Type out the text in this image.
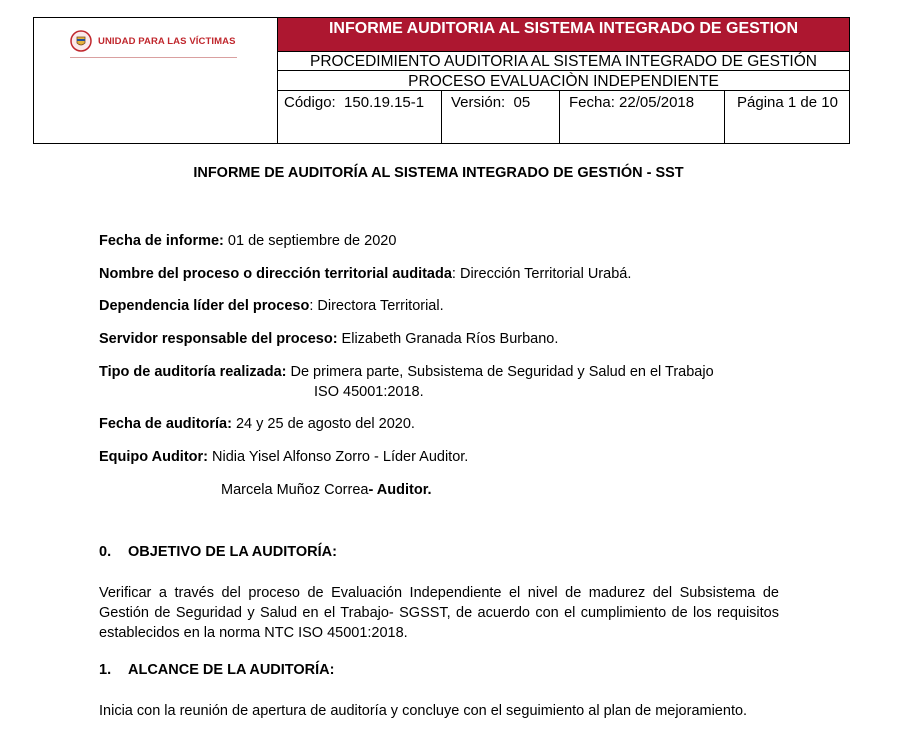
UNIDAD PARA LAS VÍCTIMAS
INFORME AUDITORIA AL SISTEMA INTEGRADO DE GESTION
PROCEDIMIENTO AUDITORIA AL SISTEMA INTEGRADO DE GESTIÓN
PROCESO EVALUACIÒN INDEPENDIENTE
Código: 150.19.15-1	Versión: 05	Fecha: 22/05/2018	Página 1 de 10
INFORME DE AUDITORÍA AL SISTEMA INTEGRADO DE GESTIÓN - SST
Fecha de informe: 01 de septiembre de 2020
Nombre del proceso o dirección territorial auditada: Dirección Territorial Urabá.
Dependencia líder del proceso: Directora Territorial.
Servidor responsable del proceso: Elizabeth Granada Ríos Burbano.
Tipo de auditoría realizada: De primera parte, Subsistema de Seguridad y Salud en el Trabajo
ISO 45001:2018.
Fecha de auditoría: 24 y 25 de agosto del 2020.
Equipo Auditor: Nidia Yisel Alfonso Zorro - Líder Auditor.
Marcela Muñoz Correa- Auditor.
0. OBJETIVO DE LA AUDITORÍA:
Verificar a través del proceso de Evaluación Independiente el nivel de madurez del Subsistema de Gestión de Seguridad y Salud en el Trabajo- SGSST, de acuerdo con el cumplimiento de los requisitos establecidos en la norma NTC ISO 45001:2018.
1. ALCANCE DE LA AUDITORÍA:
Inicia con la reunión de apertura de auditoría y concluye con el seguimiento al plan de mejoramiento.
